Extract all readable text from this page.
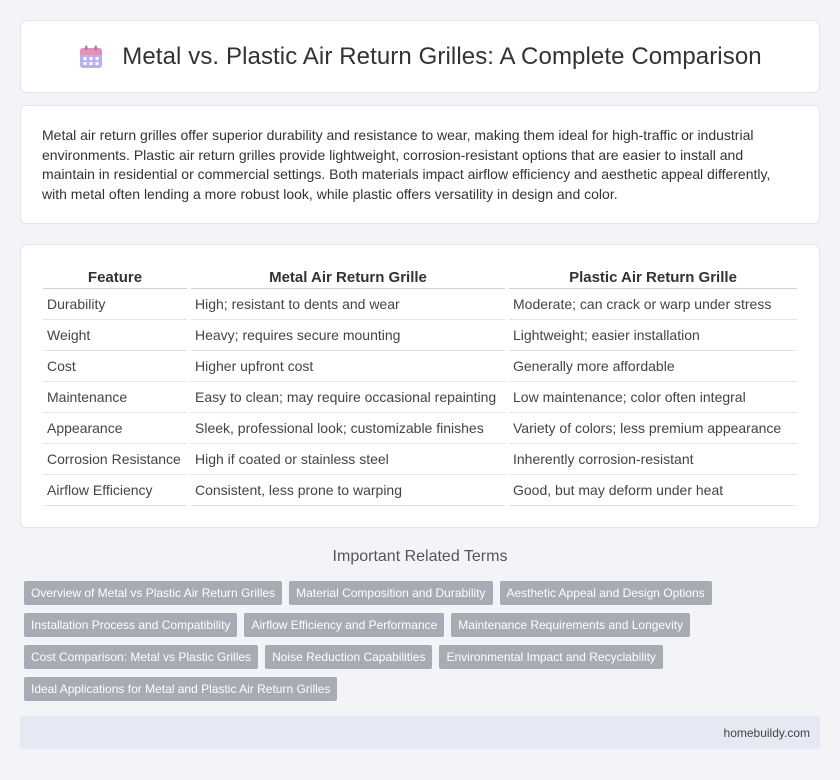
Metal vs. Plastic Air Return Grilles: A Complete Comparison

Metal air return grilles offer superior durability and resistance to wear, making them ideal for high-traffic or industrial environments. Plastic air return grilles provide lightweight, corrosion-resistant options that are easier to install and maintain in residential or commercial settings. Both materials impact airflow efficiency and aesthetic appeal differently, with metal often lending a more robust look, while plastic offers versatility in design and color.

Feature	Metal Air Return Grille	Plastic Air Return Grille
Durability	High; resistant to dents and wear	Moderate; can crack or warp under stress
Weight	Heavy; requires secure mounting	Lightweight; easier installation
Cost	Higher upfront cost	Generally more affordable
Maintenance	Easy to clean; may require occasional repainting	Low maintenance; color often integral
Appearance	Sleek, professional look; customizable finishes	Variety of colors; less premium appearance
Corrosion Resistance	High if coated or stainless steel	Inherently corrosion-resistant
Airflow Efficiency	Consistent, less prone to warping	Good, but may deform under heat
Important Related Terms
Overview of Metal vs Plastic Air Return Grilles	Material Composition and Durability	Aesthetic Appeal and Design Options
Installation Process and Compatibility	Airflow Efficiency and Performance	Maintenance Requirements and Longevity
Cost Comparison: Metal vs Plastic Grilles	Noise Reduction Capabilities	Environmental Impact and Recyclability
Ideal Applications for Metal and Plastic Air Return Grilles
homebuildy.com
